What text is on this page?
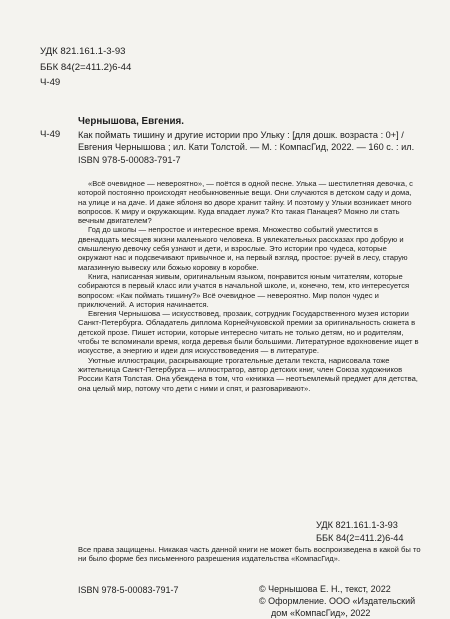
УДК 821.161.1-3-93
ББК 84(2=411.2)6-44
Ч-49
Чернышова, Евгения.
Ч-49 Как поймать тишину и другие истории про Ульку : [для дошк. возраста : 0+] /
Евгения Чернышова ; ил. Кати Толстой. — М. : КомпасГид, 2022. — 160 с. : ил.
ISBN 978-5-00083-791-7

«Всё очевидное — невероятно», — поётся в одной песне. Улька — шестилетняя девочка, с которой постоянно происходят необыкновенные вещи. Они случаются в детском саду и дома, на улице и на даче. И даже яблоня во дворе хранит тайну. И поэтому у Ульки возникает много вопросов. К миру и окружающим. Куда впадает лужа? Кто такая Панацея? Можно ли стать вечным двигателем?

Год до школы — непростое и интересное время. Множество событий уместится в двенадцать месяцев жизни маленького человека. В увлекательных рассказах про добрую и смышленую девочку себя узнают и дети, и взрослые. Это истории про чудеса, которые окружают нас и подсвечивают привычное и, на первый взгляд, простое: ручей в лесу, старую магазинную вывеску или божью коровку в коробке.

Книга, написанная живым, оригинальным языком, понравится юным читателям, которые собираются в первый класс или учатся в начальной школе, и, конечно, тем, кто интересуется вопросом: «Как поймать тишину?» Всё очевидное — невероятно. Мир полон чудес и приключений. А история начинается.

Евгения Чернышова — искусствовед, прозаик, сотрудник Государственного музея истории Санкт-Петербурга. Обладатель диплома Корнейчуковской премии за оригинальность сюжета в детской прозе. Пишет истории, которые интересно читать не только детям, но и родителям, чтобы те вспоминали время, когда деревья были большими. Литературное вдохновение ищет в искусстве, а энергию и идеи для искусствоведения — в литературе.

Уютные иллюстрации, раскрывающие трогательные детали текста, нарисовала тоже жительница Санкт-Петербурга — иллюстратор, автор детских книг, член Союза художников России Катя Толстая. Она убеждена в том, что «книжка — неотъемлемый предмет для детства, она целый мир, потому что дети с ними и спят, и разговаривают».

УДК 821.161.1-3-93
ББК 84(2=411.2)6-44

Все права защищены. Никакая часть данной книги не может быть воспроизведена в какой бы то ни было форме без письменного разрешения издательства «КомпасГид».

ISBN 978-5-00083-791-7	© Чернышова Е. Н., текст, 2022
© Оформление. ООО «Издательский
дом «КомпасГид», 2022
